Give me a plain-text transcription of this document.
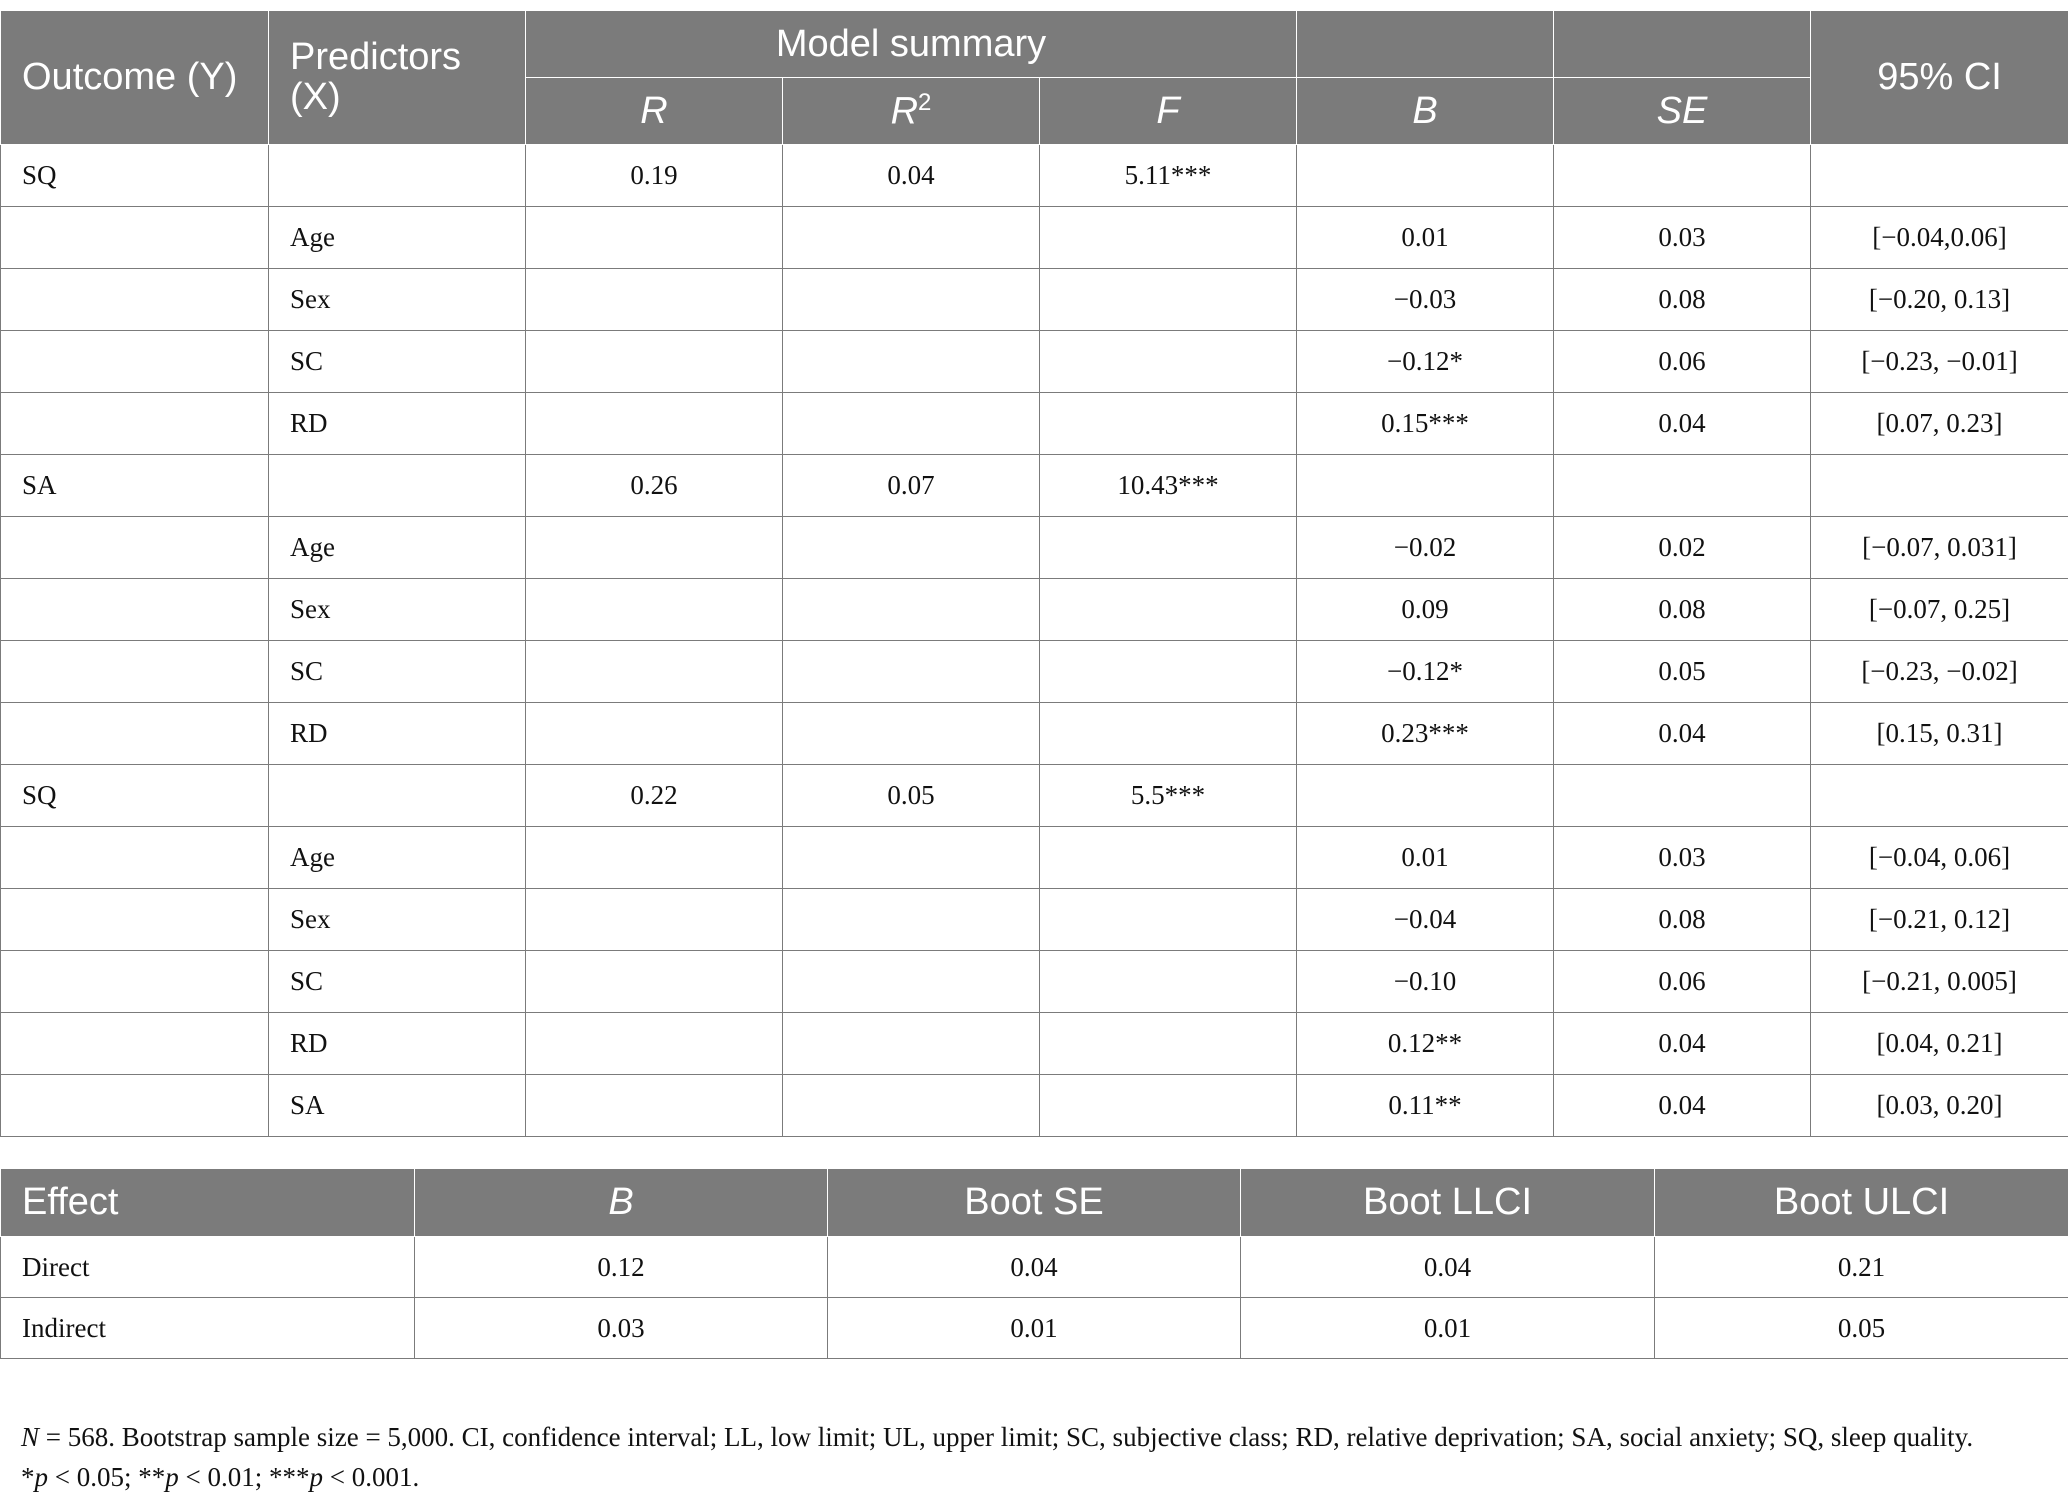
Outcome (Y)	Predictors (X)	Model summary					95% CI
		R	$R^2$	F	B	SE	
SQ		0.19	0.04	5.11***			
	Age				0.01	0.03	[−0.04,0.06]
	Sex				−0.03	0.08	[−0.20, 0.13]
	SC				−0.12*	0.06	[−0.23, −0.01]
	RD				0.15***	0.04	[0.07, 0.23]
SA		0.26	0.07	10.43***			
	Age				−0.02	0.02	[−0.07, 0.031]
	Sex				0.09	0.08	[−0.07, 0.25]
	SC				−0.12*	0.05	[−0.23, −0.02]
	RD				0.23***	0.04	[0.15, 0.31]
SQ		0.22	0.05	5.5***			
	Age				0.01	0.03	[−0.04, 0.06]
	Sex				−0.04	0.08	[−0.21, 0.12]
	SC				−0.10	0.06	[−0.21, 0.005]
	RD				0.12**	0.04	[0.04, 0.21]
	SA				0.11**	0.04	[0.03, 0.20]
Effect	B	Boot SE	Boot LLCI	Boot ULCI
Direct	0.12	0.04	0.04	0.21
Indirect	0.03	0.01	0.01	0.05
N = 568. Bootstrap sample size = 5,000. CI, confidence interval; LL, low limit; UL, upper limit; SC, subjective class; RD, relative deprivation; SA, social anxiety; SQ, sleep quality.
*p < 0.05; **p < 0.01; ***p < 0.001.
